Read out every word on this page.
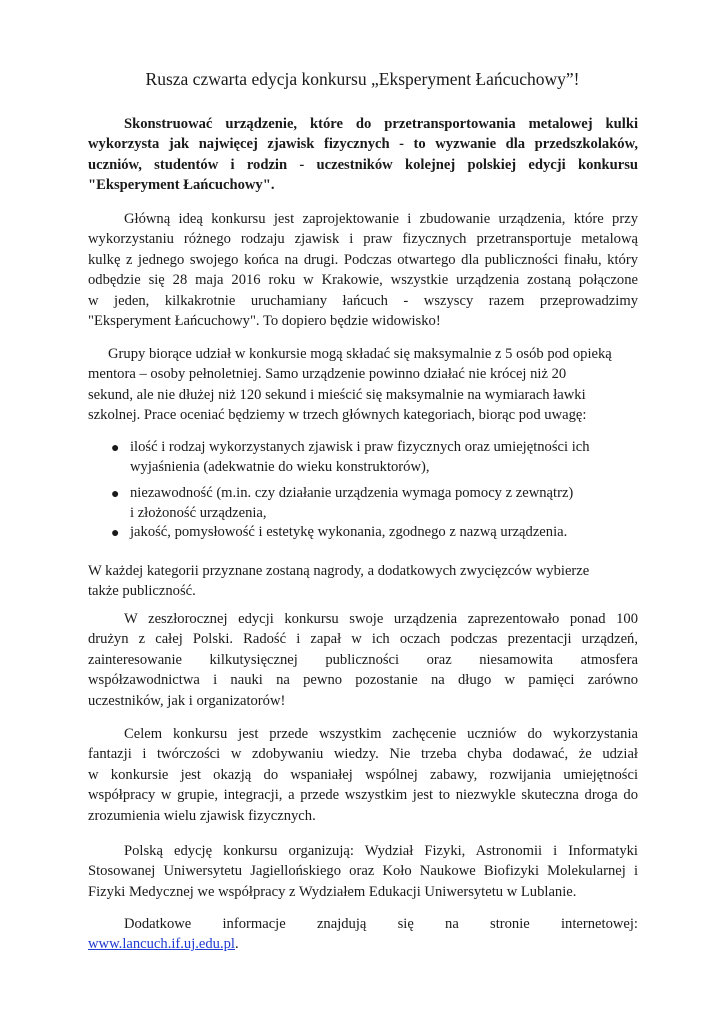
Rusza czwarta edycja konkursu „Eksperyment Łańcuchowy”!
Skonstruować urządzenie, które do przetransportowania metalowej kulki
wykorzysta jak najwięcej zjawisk fizycznych - to wyzwanie dla przedszkolaków,
uczniów, studentów i rodzin - uczestników kolejnej polskiej edycji konkursu
"Eksperyment Łańcuchowy".
Główną ideą konkursu jest zaprojektowanie i zbudowanie urządzenia, które przy
wykorzystaniu różnego rodzaju zjawisk i praw fizycznych przetransportuje metalową
kulkę z jednego swojego końca na drugi. Podczas otwartego dla publiczności finału, który
odbędzie się 28 maja 2016 roku w Krakowie, wszystkie urządzenia zostaną połączone
w jeden, kilkakrotnie uruchamiany łańcuch - wszyscy razem przeprowadzimy
"Eksperyment Łańcuchowy". To dopiero będzie widowisko!
Grupy biorące udział w konkursie mogą składać się maksymalnie z 5 osób pod opieką
mentora – osoby pełnoletniej. Samo urządzenie powinno działać nie krócej niż 20
sekund, ale nie dłużej niż 120 sekund i mieścić się maksymalnie na wymiarach ławki
szkolnej. Prace oceniać będziemy w trzech głównych kategoriach, biorąc pod uwagę:
● ilość i rodzaj wykorzystanych zjawisk i praw fizycznych oraz umiejętności ich
wyjaśnienia (adekwatnie do wieku konstruktorów),
● niezawodność (m.in. czy działanie urządzenia wymaga pomocy z zewnątrz)
i złożoność urządzenia,
● jakość, pomysłowość i estetykę wykonania, zgodnego z nazwą urządzenia.
W każdej kategorii przyznane zostaną nagrody, a dodatkowych zwycięzców wybierze
także publiczność.
W zeszłorocznej edycji konkursu swoje urządzenia zaprezentowało ponad 100
drużyn z całej Polski. Radość i zapał w ich oczach podczas prezentacji urządzeń,
zainteresowanie kilkutysięcznej publiczności oraz niesamowita atmosfera
współzawodnictwa i nauki na pewno pozostanie na długo w pamięci zarówno
uczestników, jak i organizatorów!
Celem konkursu jest przede wszystkim zachęcenie uczniów do wykorzystania
fantazji i twórczości w zdobywaniu wiedzy. Nie trzeba chyba dodawać, że udział
w konkursie jest okazją do wspaniałej wspólnej zabawy, rozwijania umiejętności
współpracy w grupie, integracji, a przede wszystkim jest to niezwykle skuteczna droga do
zrozumienia wielu zjawisk fizycznych.
Polską edycję konkursu organizują: Wydział Fizyki, Astronomii i Informatyki
Stosowanej Uniwersytetu Jagiellońskiego oraz Koło Naukowe Biofizyki Molekularnej i
Fizyki Medycznej we współpracy z Wydziałem Edukacji Uniwersytetu w Lublanie.
Dodatkowe informacje znajdują się na stronie internetowej:
www.lancuch.if.uj.edu.pl.
